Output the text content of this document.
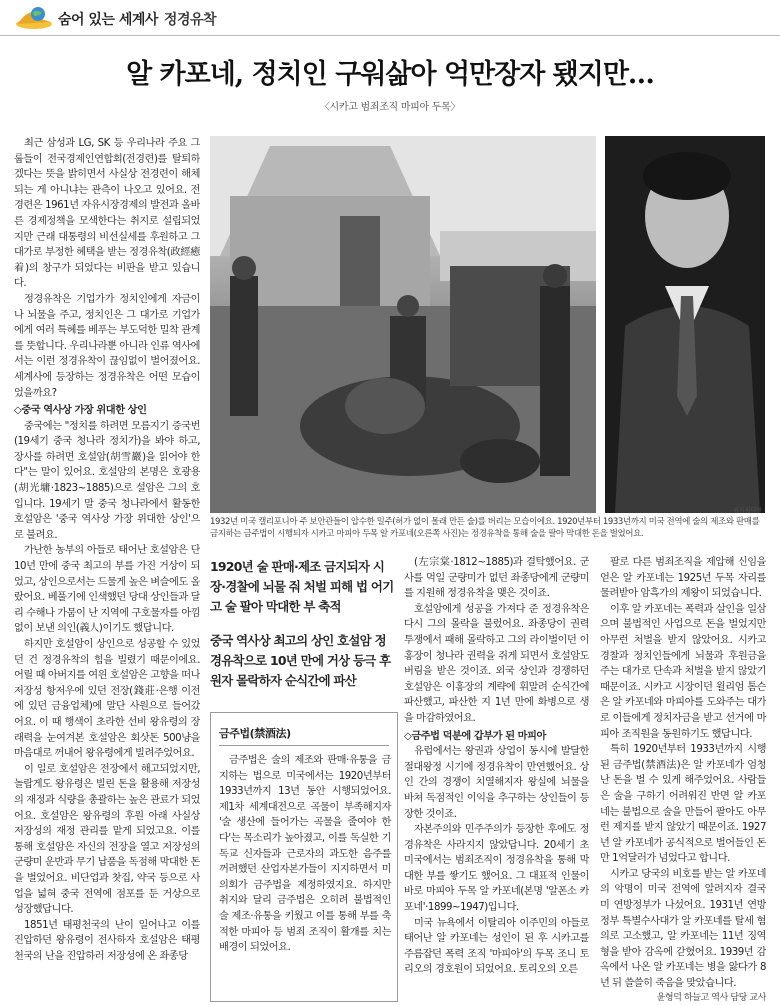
숨어 있는 세계사 정경유착
알 카포네, 정치인 구워삶아 억만장자 됐지만…
〈시카고 범죄조직 마피아 두목〉

최근 삼성과 LG, SK 등 우리나라 주요 그룹들이 전국경제인연합회(전경련)를 탈퇴하겠다는 뜻을 밝히면서 사실상 전경련이 해체되는 게 아니냐는 관측이 나오고 있어요. 전경련은 1961년 자유시장경제의 발전과 올바른 경제정책을 모색한다는 취지로 설립되었지만 근래 대통령의 비선실세를 후원하고 그 대가로 부정한 혜택을 받는 정경유착(政經癒着)의 창구가 되었다는 비판을 받고 있습니다.

정경유착은 기업가가 정치인에게 자금이나 뇌물을 주고, 정치인은 그 대가로 기업가에게 여러 특혜를 베푸는 부도덕한 밀착 관계를 뜻합니다. 우리나라뿐 아니라 인류 역사에서는 이런 정경유착이 끊임없이 벌어졌어요. 세계사에 등장하는 정경유착은 어떤 모습이었을까요?

◇중국 역사상 가장 위대한 상인

중국에는 "정치를 하려면 모름지기 증국번(19세기 중국 청나라 정치가)을 봐야 하고, 장사를 하려면 호설암(胡雪巖)을 읽어야 한다"는 말이 있어요. 호설암의 본명은 호광용(胡光墉·1823~1885)으로 설암은 그의 호입니다. 19세기 말 중국 청나라에서 활동한 호설암은 '중국 역사상 가장 위대한 상인'으로 불려요.

가난한 농부의 아들로 태어난 호설암은 단 10년 만에 중국 최고의 부를 가진 거상이 되었고, 상인으로서는 드물게 높은 벼슬에도 올랐어요. 베풀기에 인색했던 당대 상인들과 달리 수해나 가뭄이 난 지역에 구호물자를 아낌없이 보낸 의인(義人)이기도 했답니다.

하지만 호설암이 상인으로 성공할 수 있었던 건 정경유착의 힘을 빌렸기 때문이에요. 어릴 때 아버지를 여읜 호설암은 고향을 떠나 저장성 항저우에 있던 전장(錢莊·은행 이전에 있던 금융업체)에 말단 사원으로 들어갔어요. 이 때 행색이 초라한 선비 왕유령의 장래력을 눈여겨본 호설암은 회삿돈 500냥을 마음대로 꺼내어 왕유령에게 빌려주었어요.

이 일로 호설암은 전장에서 해고되었지만, 놀랍게도 왕유령은 빌린 돈을 활용해 저장성의 재정과 식량을 총괄하는 높은 관료가 되었어요. 호설암은 왕유령의 후원 아래 사실상 저장성의 재정 관리를 맡게 되었고요. 이를 통해 호설암은 자신의 전장을 열고 저장성의 군량미 운반과 무기 납품을 독점해 막대한 돈을 벌었어요. 비단업과 찻집, 약국 등으로 사업을 넓혀 중국 전역에 점포를 둔 거상으로 성장했답니다.

1851년 태평천국의 난이 일어나고 이를 진압하던 왕유령이 전사하자 호설암은 태평천국의 난을 진압하러 저장성에 온 좌종당

위키피디아
1932년 미국 캘리포니아 주 보안관들이 압수한 밀주(허가 없이 몰래 만든 술)를 버리는 모습이에요. 1920년부터 1933년까지 미국 전역에 술의 제조와 판매를 금지하는 금주법이 시행되자 시카고 마피아 두목 알 카포네(오른쪽 사진)는 정경유착을 통해 술을 팔아 막대한 돈을 벌었어요.
1920년 술 판매·제조 금지되자 시장·경찰에 뇌물 줘 처벌 피해 법 어기고 술 팔아 막대한 부 축적
중국 역사상 최고의 상인 호설암 정경유착으로 10년 만에 거상 등극 후원자 몰락하자 순식간에 파산
금주법(禁酒法)

금주법은 술의 제조와 판매·유통을 금지하는 법으로 미국에서는 1920년부터 1933년까지 13년 동안 시행되었어요. 제1차 세계대전으로 곡물이 부족해지자 '술 생산에 들어가는 곡물을 줄여야 한다'는 목소리가 높아졌고, 이를 독실한 기독교 신자들과 근로자의 과도한 음주를 꺼려했던 산업자본가들이 지지하면서 미 의회가 금주법을 제정하였지요. 하지만 취지와 달리 금주법은 오히려 불법적인 술 제조·유통을 키웠고 이를 통해 부를 축적한 마피아 등 범죄 조직이 활개를 치는 배경이 되었어요.

(左宗棠·1812~1885)과 결탁했어요. 군사를 먹일 군량미가 없던 좌종당에게 군량미를 지원해 정경유착을 맺은 것이죠.

호설암에게 성공을 가져다 준 정경유착은 다시 그의 몰락을 불렀어요. 좌종당이 권력 투쟁에서 패해 몰락하고 그의 라이벌이던 이홍장이 청나라 권력을 쥐게 되면서 호설암도 버림을 받은 것이죠. 외국 상인과 경쟁하던 호설암은 이홍장의 계략에 휘말려 순식간에 파산했고, 파산한 지 1년 만에 화병으로 생을 마감하였어요.

◇금주법 덕분에 갑부가 된 마피아

유럽에서는 왕권과 상업이 동시에 발달한 절대왕정 시기에 정경유착이 만연했어요. 상인 간의 경쟁이 치열해지자 왕실에 뇌물을 바쳐 독점적인 이익을 추구하는 상인들이 등장한 것이죠.

자본주의와 민주주의가 등장한 후에도 정경유착은 사라지지 않았답니다. 20세기 초 미국에서는 범죄조직이 정경유착을 통해 막대한 부를 쌓기도 했어요. 그 대표적 인물이 바로 마피아 두목 알 카포네(본명 '알폰소 카포네'·1899~1947)입니다.

미국 뉴욕에서 이탈리아 이주민의 아들로 태어난 알 카포네는 성인이 된 후 시카고를 주름잡던 폭력 조직 '마피아'의 두목 조니 토리오의 경호원이 되었어요. 토리오의 오른

팔로 다른 범죄조직을 제압해 신임을 얻은 알 카포네는 1925년 두목 자리를 물려받아 암흑가의 제왕이 되었습니다.

이후 알 카포네는 폭력과 살인을 일삼으며 불법적인 사업으로 돈을 벌었지만 아무런 처벌을 받지 않았어요. 시카고 경찰과 정치인들에게 뇌물과 후원금을 주는 대가로 단속과 처벌을 받지 않았기 때문이죠. 시카고 시장이던 윌리엄 톰슨은 알 카포네와 마피아를 도와주는 대가로 이들에게 정치자금을 받고 선거에 마피아 조직원을 동원하기도 했답니다.

특히 1920년부터 1933년까지 시행된 금주법(禁酒法)은 알 카포네가 엄청난 돈을 벌 수 있게 해주었어요. 사람들은 술을 구하기 어려워진 반면 알 카포네는 불법으로 술을 만들어 팔아도 아무런 제지를 받지 않았기 때문이죠. 1927년 알 카포네가 공식적으로 벌어들인 돈만 1억달러가 넘었다고 합니다.

시카고 당국의 비호를 받는 알 카포네의 악명이 미국 전역에 알려지자 결국 미 연방정부가 나섰어요. 1931년 연방정부 특별수사대가 알 카포네를 탈세 혐의로 고소했고, 알 카포네는 11년 징역형을 받아 감옥에 갇혔어요. 1939년 감옥에서 나온 알 카포네는 병을 앓다가 8년 뒤 쓸쓸히 죽음을 맞았습니다.

윤형덕 하늘고 역사 담당 교사
